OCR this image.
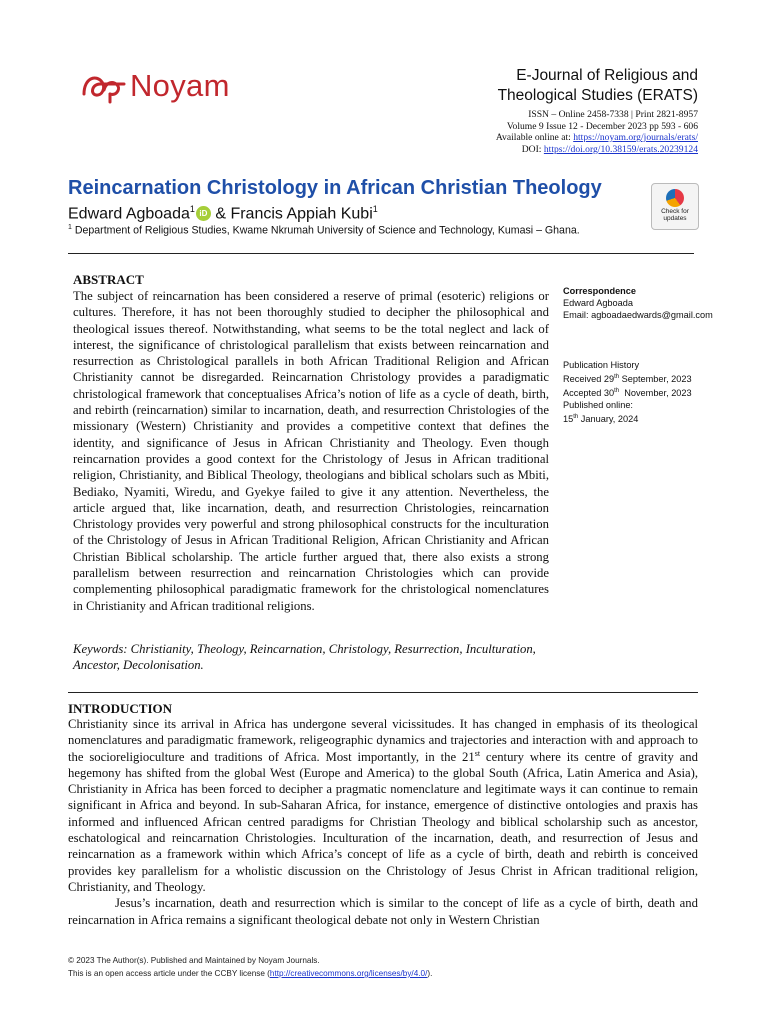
Noyam	E-Journal of Religious and
Theological Studies (ERATS)
ISSN – Online 2458-7338 | Print 2821-8957
Volume 9 Issue 12 - December 2023 pp 593 - 606
Available online at: https://noyam.org/journals/erats/
DOI: https://doi.org/10.38159/erats.20239124
Reincarnation Christology in African Christian Theology
Edward Agboada$^1$ iD & Francis Appiah Kubi$^1$
$^1$ Department of Religious Studies, Kwame Nkrumah University of Science and Technology, Kumasi – Ghana.
Check for
updates
ABSTRACT
The subject of reincarnation has been considered a reserve of primal (esoteric) religions or cultures. Therefore, it has not been thoroughly studied to decipher the philosophical and theological issues thereof. Notwithstanding, what seems to be the total neglect and lack of interest, the significance of christological parallelism that exists between reincarnation and resurrection as Christological parallels in both African Traditional Religion and African Christianity cannot be disregarded. Reincarnation Christology provides a paradigmatic christological framework that conceptualises Africa’s notion of life as a cycle of death, birth, and rebirth (reincarnation) similar to incarnation, death, and resurrection Christologies of the missionary (Western) Christianity and provides a competitive context that defines the identity, and significance of Jesus in African Christianity and Theology. Even though reincarnation provides a good context for the Christology of Jesus in African traditional religion, Christianity, and Biblical Theology, theologians and biblical scholars such as Mbiti, Bediako, Nyamiti, Wiredu, and Gyekye failed to give it any attention. Nevertheless, the article argued that, like incarnation, death, and resurrection Christologies, reincarnation Christology provides very powerful and strong philosophical constructs for the inculturation of the Christology of Jesus in African Traditional Religion, African Christianity and African Christian Biblical scholarship. The article further argued that, there also exists a strong parallelism between resurrection and reincarnation Christologies which can provide complementing philosophical paradigmatic framework for the christological nomenclatures in Christianity and African traditional religions.
Keywords: Christianity, Theology, Reincarnation, Christology, Resurrection, Inculturation, Ancestor, Decolonisation.
Correspondence
Edward Agboada
Email: agboadaedwards@gmail.com
Publication History
Received 29th September, 2023
Accepted 30th  November, 2023
Published online:
15th January, 2024
INTRODUCTION

Christianity since its arrival in Africa has undergone several vicissitudes. It has changed in emphasis of its theological nomenclatures and paradigmatic framework, religeographic dynamics and trajectories and interaction with and approach to the socioreligioculture and traditions of Africa. Most importantly, in the 21st century where its centre of gravity and hegemony has shifted from the global West (Europe and America) to the global South (Africa, Latin America and Asia), Christianity in Africa has been forced to decipher a pragmatic nomenclature and legitimate ways it can continue to remain significant in Africa and beyond. In sub-Saharan Africa, for instance, emergence of distinctive ontologies and praxis has informed and influenced African centred paradigms for Christian Theology and biblical scholarship such as ancestor, eschatological and reincarnation Christologies. Inculturation of the incarnation, death, and resurrection of Jesus and reincarnation as a framework within which Africa’s concept of life as a cycle of birth, death and rebirth is conceived provides key parallelism for a wholistic discussion on the Christology of Jesus Christ in African traditional religion, Christianity, and Theology.

Jesus’s incarnation, death and resurrection which is similar to the concept of life as a cycle of birth, death and reincarnation in Africa remains a significant theological debate not only in Western Christian

© 2023 The Author(s). Published and Maintained by Noyam Journals.
This is an open access article under the CCBY license (http://creativecommons.org/licenses/by/4.0/).
